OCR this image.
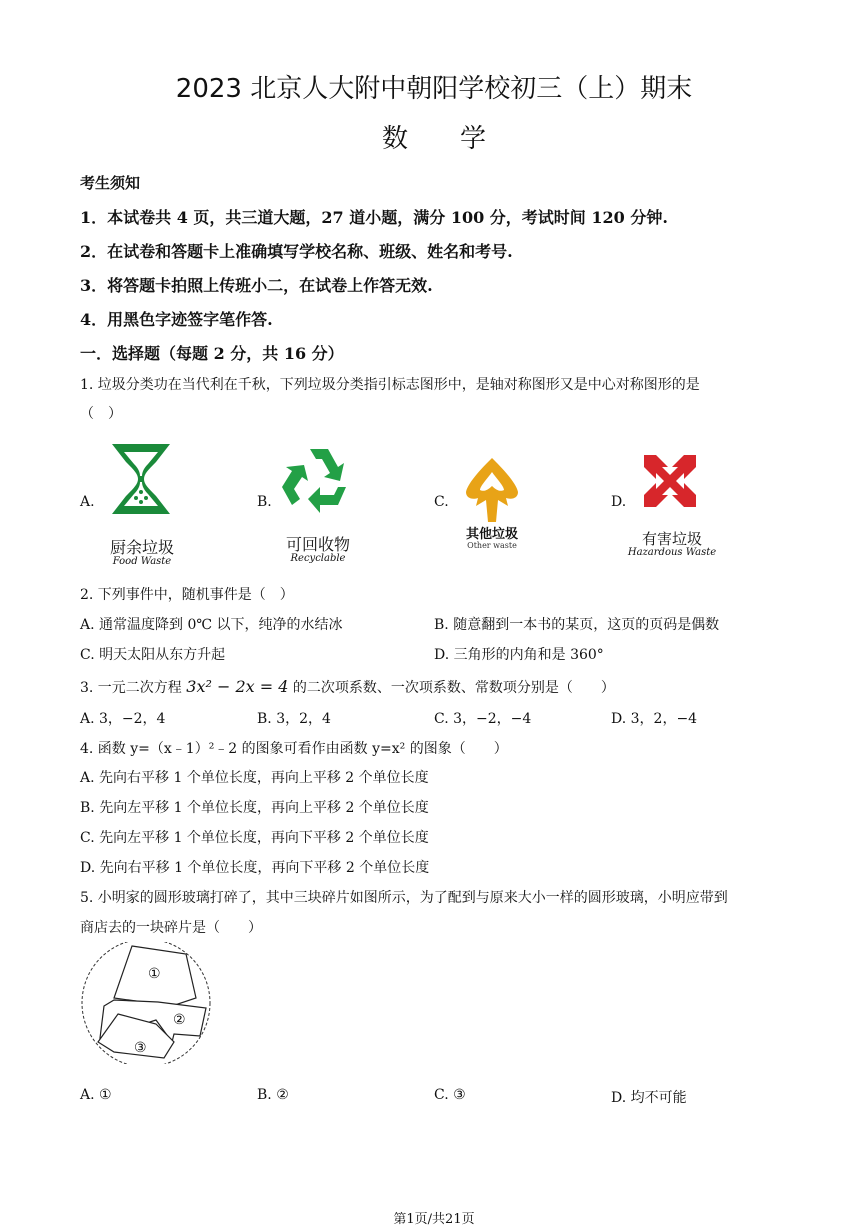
2023 北京人大附中朝阳学校初三（上）期末
数　　学
考生须知
1．本试卷共 4 页，共三道大题，27 道小题，满分 100 分，考试时间 120 分钟.
2．在试卷和答题卡上准确填写学校名称、班级、姓名和考号.
3．将答题卡拍照上传班小二，在试卷上作答无效.
4．用黑色字迹签字笔作答.
一．选择题（每题 2 分，共 16 分）
1. 垃圾分类功在当代利在千秋，下列垃圾分类指引标志图形中，是轴对称图形又是中心对称图形的是
（　）
A.
厨余垃圾
Food Waste
B.
可回收物
Recyclable
C.
其他垃圾
Other waste
D.
有害垃圾
Hazardous Waste
2. 下列事件中，随机事件是（　）
A. 通常温度降到 0℃ 以下，纯净的水结冰	B. 随意翻到一本书的某页，这页的页码是偶数
C. 明天太阳从东方升起	D. 三角形的内角和是 360°
3. 一元二次方程 3x² − 2x = 4 的二次项系数、一次项系数、常数项分别是（　　）
A. 3，−2，4	B. 3，2，4	C. 3，−2，−4	D. 3，2，−4
4. 函数 y=（x﹣1）²﹣2 的图象可看作由函数 y=x² 的图象（　　）
A. 先向右平移 1 个单位长度，再向上平移 2 个单位长度
B. 先向左平移 1 个单位长度，再向上平移 2 个单位长度
C. 先向左平移 1 个单位长度，再向下平移 2 个单位长度
D. 先向右平移 1 个单位长度，再向下平移 2 个单位长度
5. 小明家的圆形玻璃打碎了，其中三块碎片如图所示，为了配到与原来大小一样的圆形玻璃，小明应带到
商店去的一块碎片是（　　）
①
②
③
A. ①	B. ②	C. ③	D. 均不可能
第1页/共21页
